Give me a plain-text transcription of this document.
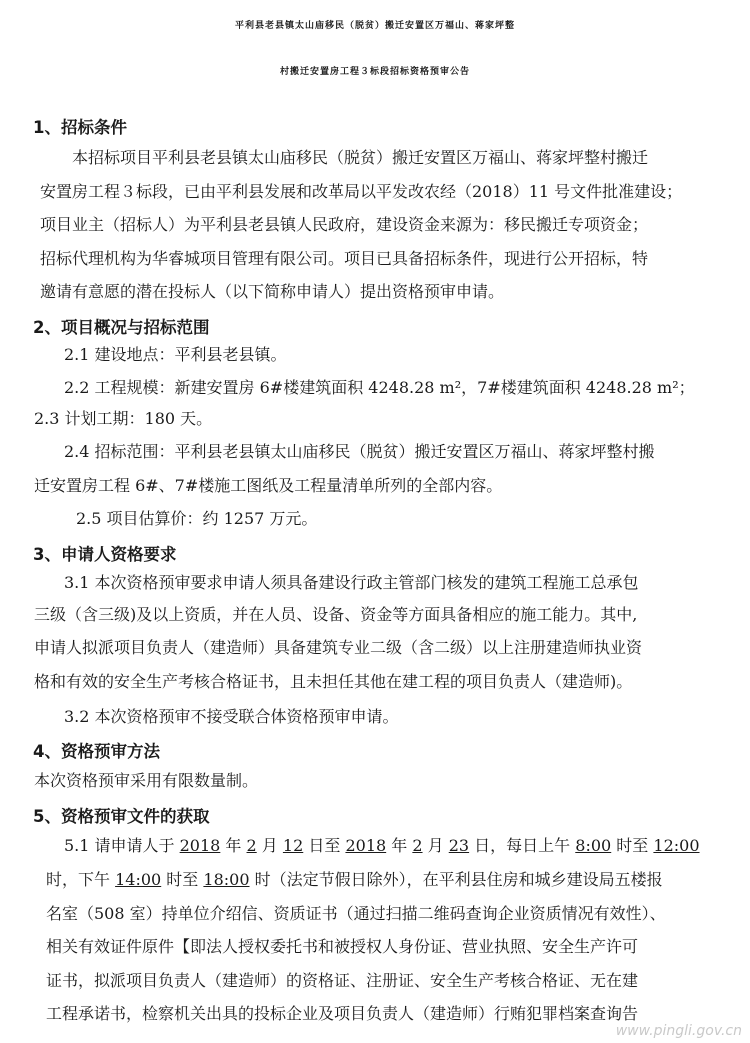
平利县老县镇太山庙移民（脱贫）搬迁安置区万福山、蒋家坪整
村搬迁安置房工程３标段招标资格预审公告
1、招标条件
本招标项目平利县老县镇太山庙移民（脱贫）搬迁安置区万福山、蒋家坪整村搬迁
安置房工程３标段，已由平利县发展和改革局以平发改农经（2018）11 号文件批准建设；
项目业主（招标人）为平利县老县镇人民政府，建设资金来源为：移民搬迁专项资金；
招标代理机构为华睿城项目管理有限公司。项目已具备招标条件，现进行公开招标，特
邀请有意愿的潜在投标人（以下简称申请人）提出资格预审申请。
2、项目概况与招标范围
2.1 建设地点：平利县老县镇。
2.2 工程规模：新建安置房 6#楼建筑面积 4248.28 m²，7#楼建筑面积 4248.28 m²；
2.3 计划工期：180 天。
2.4 招标范围：平利县老县镇太山庙移民（脱贫）搬迁安置区万福山、蒋家坪整村搬
迁安置房工程 6#、7#楼施工图纸及工程量清单所列的全部内容。
2.5 项目估算价：约 1257 万元。
3、申请人资格要求
3.1 本次资格预审要求申请人须具备建设行政主管部门核发的建筑工程施工总承包
三级（含三级)及以上资质，并在人员、设备、资金等方面具备相应的施工能力。其中,
申请人拟派项目负责人（建造师）具备建筑专业二级（含二级）以上注册建造师执业资
格和有效的安全生产考核合格证书，且未担任其他在建工程的项目负责人（建造师)。
3.2 本次资格预审不接受联合体资格预审申请。
4、资格预审方法
本次资格预审采用有限数量制。
5、资格预审文件的获取
5.1 请申请人于 2018 年 2 月 12 日至 2018 年 2 月 23 日，每日上午 8:00 时至 12:00
时，下午 14:00 时至 18:00 时（法定节假日除外），在平利县住房和城乡建设局五楼报
名室（508 室）持单位介绍信、资质证书（通过扫描二维码查询企业资质情况有效性）、
相关有效证件原件【即法人授权委托书和被授权人身份证、营业执照、安全生产许可
证书，拟派项目负责人（建造师）的资格证、注册证、安全生产考核合格证、无在建
工程承诺书，检察机关出具的投标企业及项目负责人（建造师）行贿犯罪档案查询告
www.pingli.gov.cn
